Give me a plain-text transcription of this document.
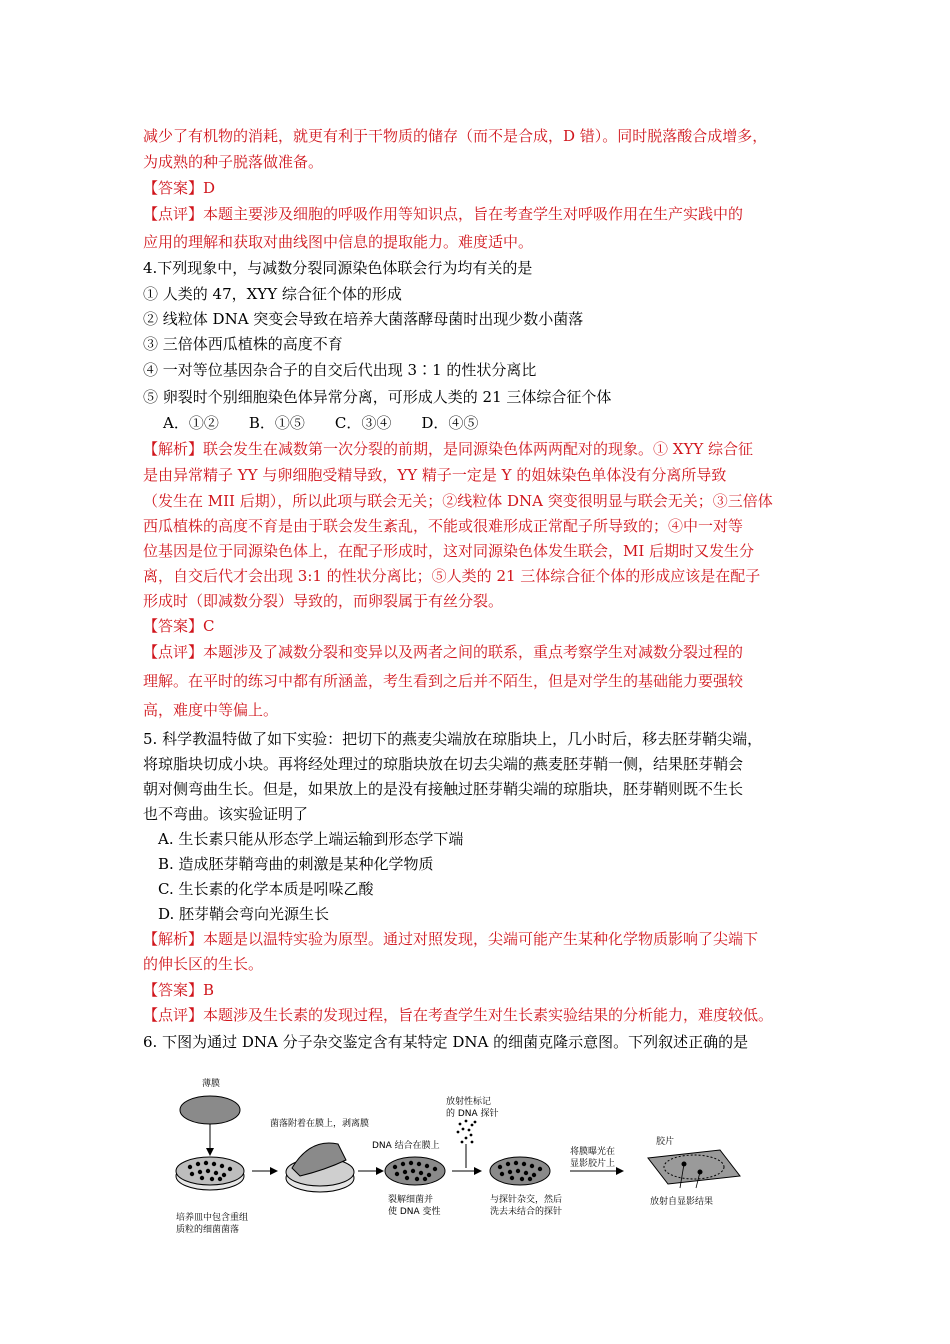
减少了有机物的消耗，就更有利于干物质的储存（而不是合成，D 错）。同时脱落酸合成增多，
为成熟的种子脱落做准备。
【答案】D
【点评】本题主要涉及细胞的呼吸作用等知识点，旨在考查学生对呼吸作用在生产实践中的
应用的理解和获取对曲线图中信息的提取能力。难度适中。
4.下列现象中，与减数分裂同源染色体联会行为均有关的是
① 人类的 47，XYY 综合征个体的形成
② 线粒体 DNA 突变会导致在培养大菌落酵母菌时出现少数小菌落
③ 三倍体西瓜植株的高度不育
④ 一对等位基因杂合子的自交后代出现 3∶1 的性状分离比
⑤ 卵裂时个别细胞染色体异常分离，可形成人类的 21 三体综合征个体
A．①②　　B．①⑤　　C．③④　　D．④⑤
【解析】联会发生在减数第一次分裂的前期，是同源染色体两两配对的现象。① XYY 综合征
是由异常精子 YY 与卵细胞受精导致，YY 精子一定是 Y 的姐妹染色单体没有分离所导致
（发生在 MII 后期），所以此项与联会无关；②线粒体 DNA 突变很明显与联会无关；③三倍体
西瓜植株的高度不育是由于联会发生紊乱，不能或很难形成正常配子所导致的；④中一对等
位基因是位于同源染色体上，在配子形成时，这对同源染色体发生联会，MI 后期时又发生分
离，自交后代才会出现 3:1 的性状分离比；⑤人类的 21 三体综合征个体的形成应该是在配子
形成时（即减数分裂）导致的，而卵裂属于有丝分裂。
【答案】C
【点评】本题涉及了减数分裂和变异以及两者之间的联系，重点考察学生对减数分裂过程的
理解。在平时的练习中都有所涵盖，考生看到之后并不陌生，但是对学生的基础能力要强较
高，难度中等偏上。
5. 科学教温特做了如下实验：把切下的燕麦尖端放在琼脂块上，几小时后，移去胚芽鞘尖端，
将琼脂块切成小块。再将经处理过的琼脂块放在切去尖端的燕麦胚芽鞘一侧，结果胚芽鞘会
朝对侧弯曲生长。但是，如果放上的是没有接触过胚芽鞘尖端的琼脂块，胚芽鞘则既不生长
也不弯曲。该实验证明了
A. 生长素只能从形态学上端运输到形态学下端
B. 造成胚芽鞘弯曲的刺激是某种化学物质
C. 生长素的化学本质是吲哚乙酸
D. 胚芽鞘会弯向光源生长
【解析】本题是以温特实验为原型。通过对照发现，尖端可能产生某种化学物质影响了尖端下
的伸长区的生长。
【答案】B
【点评】本题涉及生长素的发现过程，旨在考查学生对生长素实验结果的分析能力，难度较低。
6. 下图为通过 DNA 分子杂交鉴定含有某特定 DNA 的细菌克隆示意图。下列叙述正确的是
薄膜
培养皿中包含重组
质粒的细菌菌落
菌落附着在膜上，剥离膜
DNA 结合在膜上
裂解细菌并
使 DNA 变性
放射性标记
的 DNA 探针
与探针杂交，然后
洗去未结合的探针
将膜曝光在
显影胶片上
胶片
放射自显影结果
